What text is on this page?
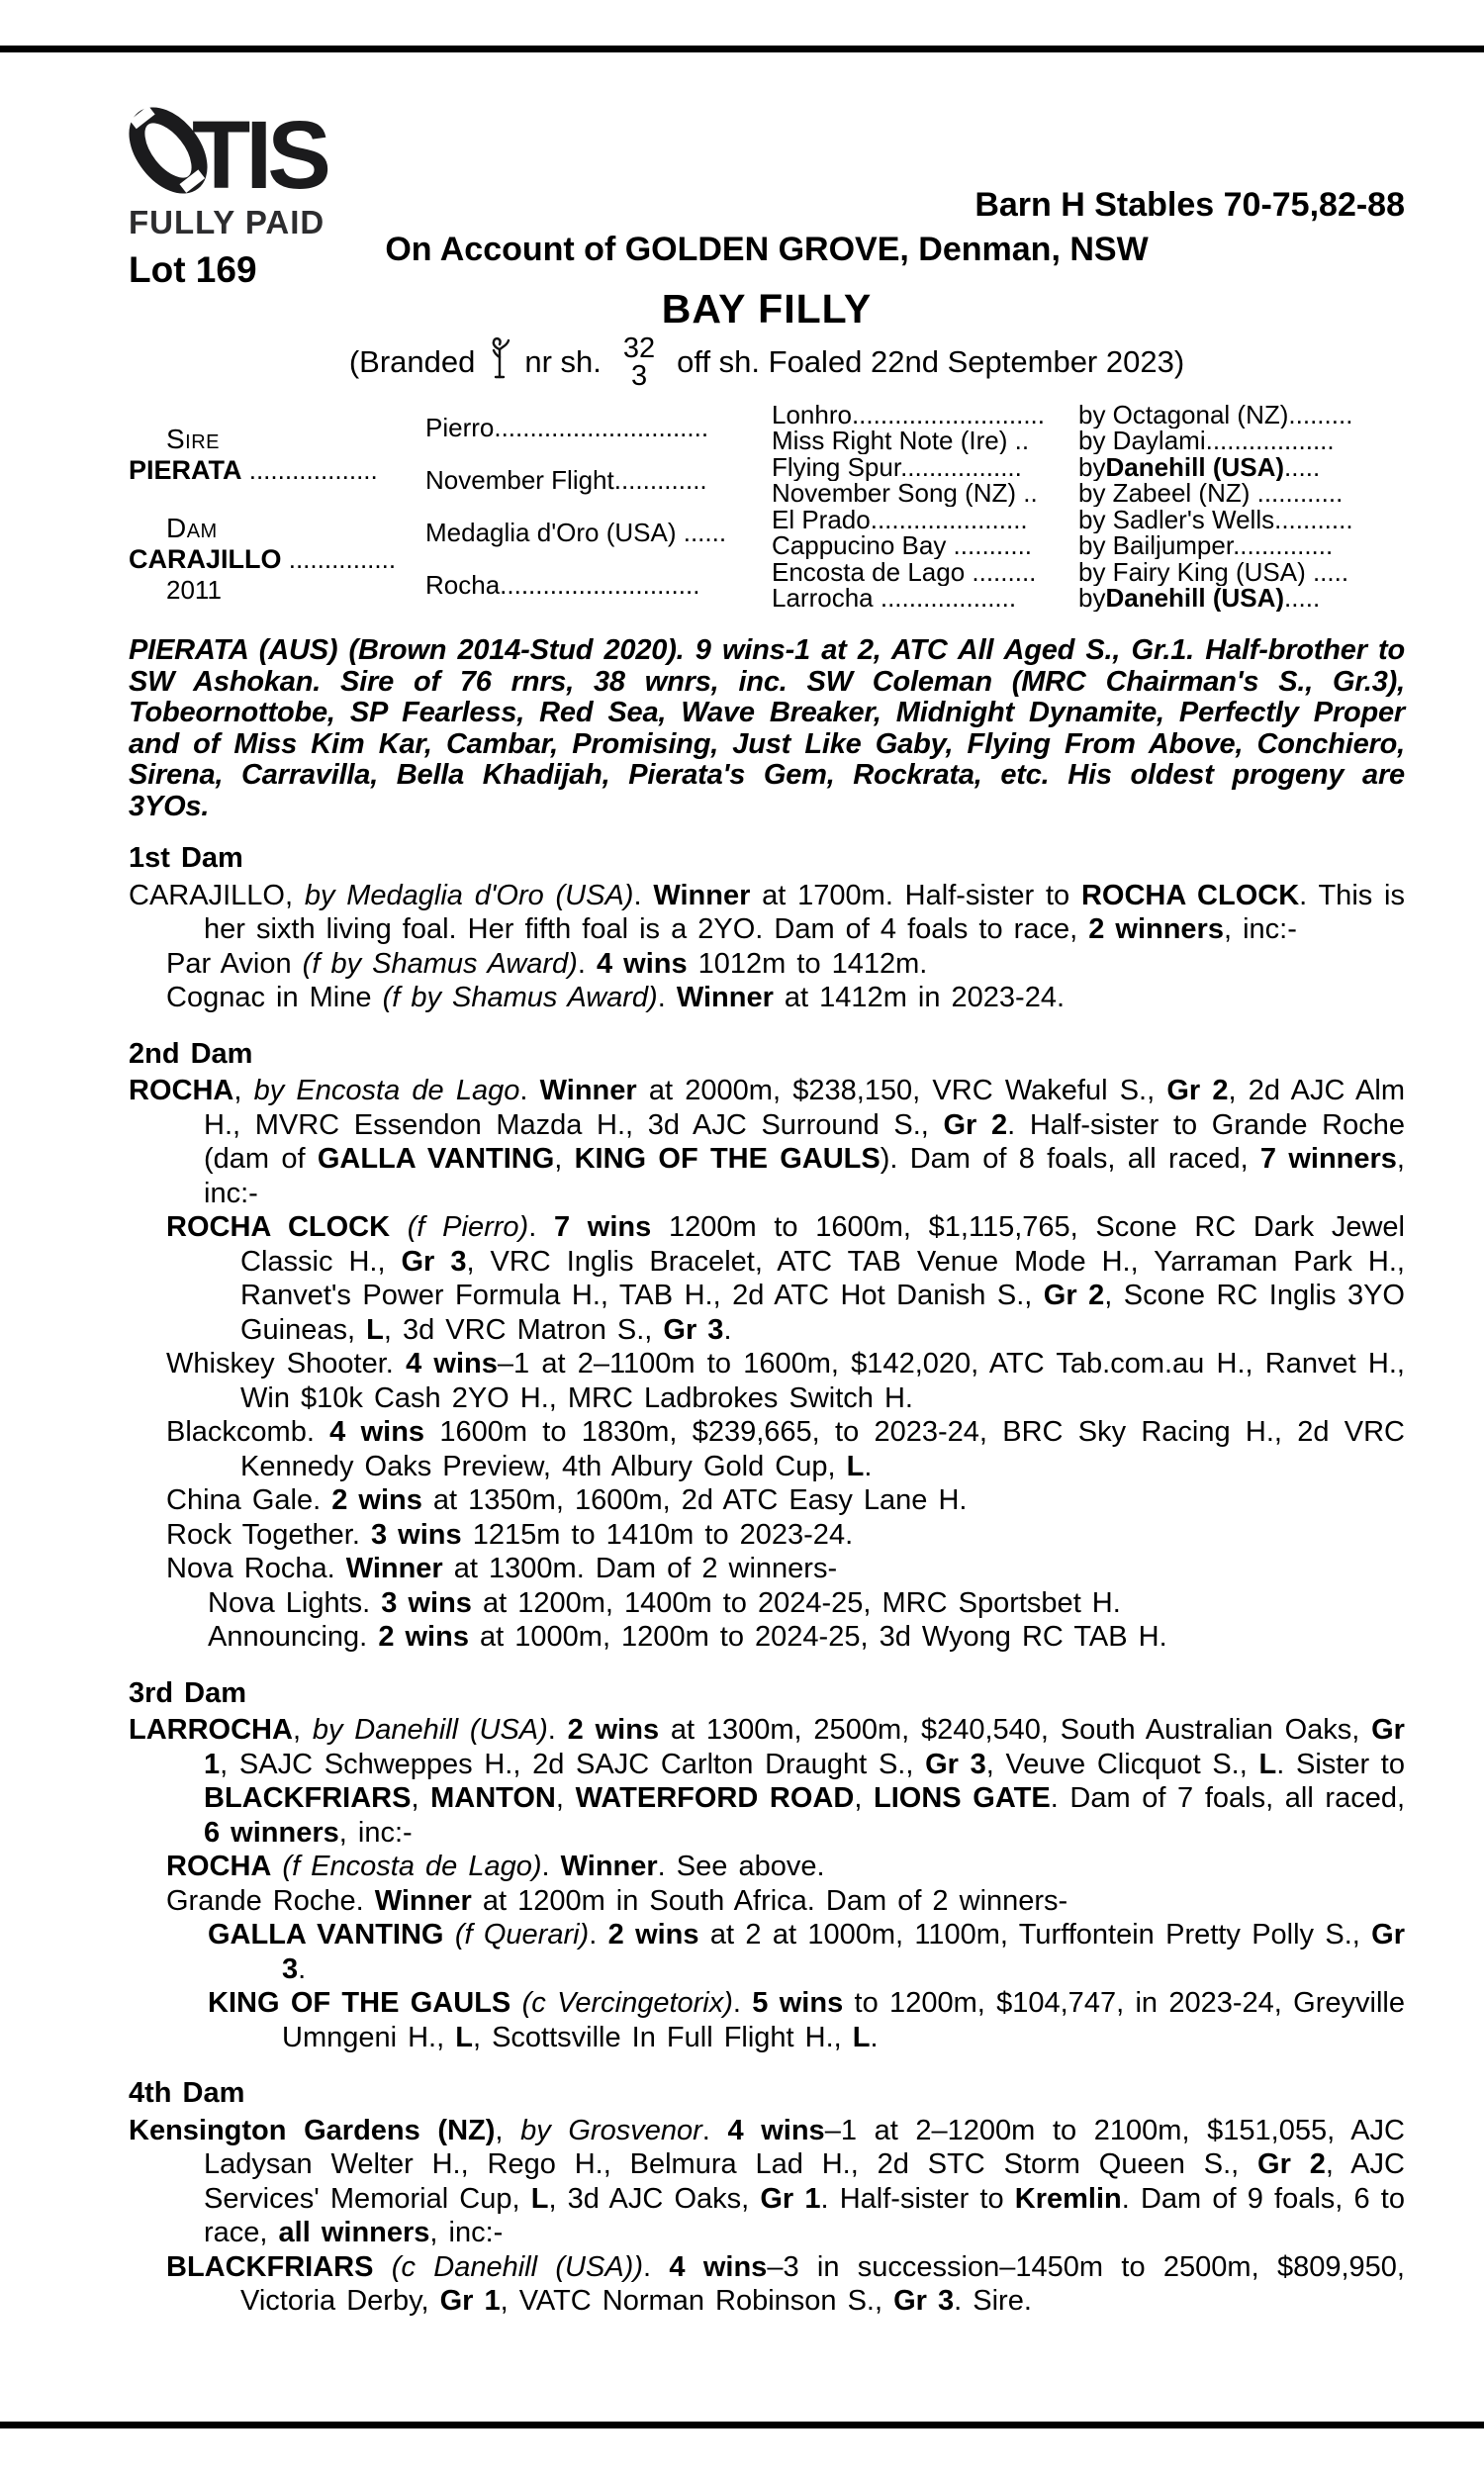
TIS
FULLY PAID
Lot 169
Barn H Stables 70-75,82-88
On Account of GOLDEN GROVE, Denman, NSW
BAY FILLY
(Branded nr sh. 32
3 off sh. Foaled 22nd September 2023)
Sire
PIERATA ..................
Dam
CARAJILLO ...............
2011
Pierro..............................
November Flight.............
Medaglia d'Oro (USA) ......
Rocha............................
Lonhro...........................	by Octagonal (NZ).........
Miss Right Note (Ire) ..	by Daylami..................
Flying Spur.................	by Danehill (USA) .....
November Song (NZ) ..	by Zabeel (NZ) ............
El Prado......................	by Sadler's Wells...........
Cappucino Bay ...........	by Bailjumper..............
Encosta de Lago .........	by Fairy King (USA) .....
Larrocha ...................	by Danehill (USA) .....
PIERATA (AUS) (Brown 2014-Stud 2020). 9 wins-1 at 2, ATC All Aged S., Gr.1. Half-brother to SW Ashokan. Sire of 76 rnrs, 38 wnrs, inc. SW Coleman (MRC Chairman's S., Gr.3), Tobeornottobe, SP Fearless, Red Sea, Wave Breaker, Midnight Dynamite, Perfectly Proper and of Miss Kim Kar, Cambar, Promising, Just Like Gaby, Flying From Above, Conchiero, Sirena, Carravilla, Bella Khadijah, Pierata's Gem, Rockrata, etc. His oldest progeny are 3YOs.
1st Dam

CARAJILLO, by Medaglia d'Oro (USA). Winner at 1700m. Half-sister to ROCHA CLOCK. This is her sixth living foal. Her fifth foal is a 2YO. Dam of 4 foals to race, 2 winners, inc:-

Par Avion (f by Shamus Award). 4 wins 1012m to 1412m.

Cognac in Mine (f by Shamus Award). Winner at 1412m in 2023-24.

2nd Dam

ROCHA, by Encosta de Lago. Winner at 2000m, $238,150, VRC Wakeful S., Gr 2, 2d AJC Alm H., MVRC Essendon Mazda H., 3d AJC Surround S., Gr 2. Half-sister to Grande Roche (dam of GALLA VANTING, KING OF THE GAULS). Dam of 8 foals, all raced, 7 winners, inc:-

ROCHA CLOCK (f Pierro). 7 wins 1200m to 1600m, $1,115,765, Scone RC Dark Jewel Classic H., Gr 3, VRC Inglis Bracelet, ATC TAB Venue Mode H., Yarraman Park H., Ranvet's Power Formula H., TAB H., 2d ATC Hot Danish S., Gr 2, Scone RC Inglis 3YO Guineas, L, 3d VRC Matron S., Gr 3.

Whiskey Shooter. 4 wins–1 at 2–1100m to 1600m, $142,020, ATC Tab.com.au H., Ranvet H., Win $10k Cash 2YO H., MRC Ladbrokes Switch H.

Blackcomb. 4 wins 1600m to 1830m, $239,665, to 2023-24, BRC Sky Racing H., 2d VRC Kennedy Oaks Preview, 4th Albury Gold Cup, L.

China Gale. 2 wins at 1350m, 1600m, 2d ATC Easy Lane H.

Rock Together. 3 wins 1215m to 1410m to 2023-24.

Nova Rocha. Winner at 1300m. Dam of 2 winners-

Nova Lights. 3 wins at 1200m, 1400m to 2024-25, MRC Sportsbet H.

Announcing. 2 wins at 1000m, 1200m to 2024-25, 3d Wyong RC TAB H.

3rd Dam

LARROCHA, by Danehill (USA). 2 wins at 1300m, 2500m, $240,540, South Australian Oaks, Gr 1, SAJC Schweppes H., 2d SAJC Carlton Draught S., Gr 3, Veuve Clicquot S., L. Sister to BLACKFRIARS, MANTON, WATERFORD ROAD, LIONS GATE. Dam of 7 foals, all raced, 6 winners, inc:-

ROCHA (f Encosta de Lago). Winner. See above.

Grande Roche. Winner at 1200m in South Africa. Dam of 2 winners-

GALLA VANTING (f Querari). 2 wins at 2 at 1000m, 1100m, Turffontein Pretty Polly S., Gr 3.

KING OF THE GAULS (c Vercingetorix). 5 wins to 1200m, $104,747, in 2023-24, Greyville Umngeni H., L, Scottsville In Full Flight H., L.

4th Dam

Kensington Gardens (NZ), by Grosvenor. 4 wins–1 at 2–1200m to 2100m, $151,055, AJC Ladysan Welter H., Rego H., Belmura Lad H., 2d STC Storm Queen S., Gr 2, AJC Services' Memorial Cup, L, 3d AJC Oaks, Gr 1. Half-sister to Kremlin. Dam of 9 foals, 6 to race, all winners, inc:-

BLACKFRIARS (c Danehill (USA)). 4 wins–3 in succession–1450m to 2500m, $809,950, Victoria Derby, Gr 1, VATC Norman Robinson S., Gr 3. Sire.
